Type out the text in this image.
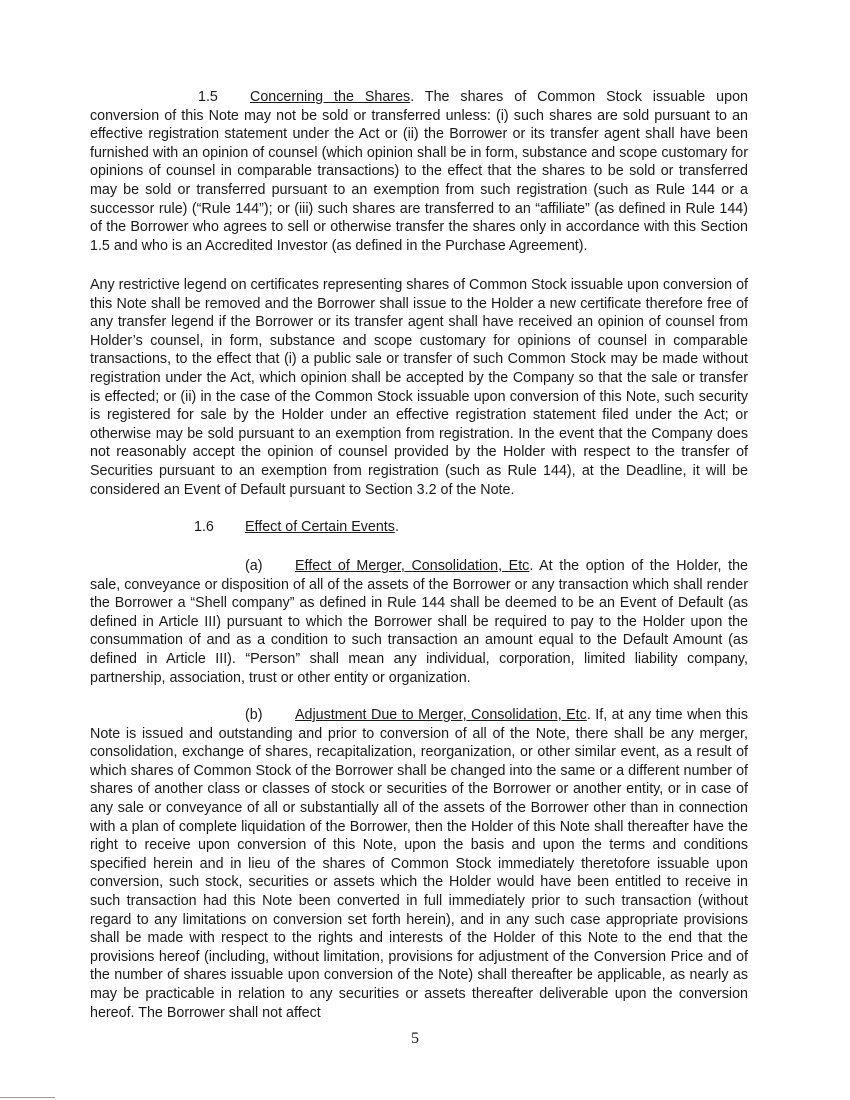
1.5 Concerning the Shares. The shares of Common Stock issuable upon conversion of this Note may not be sold or transferred unless: (i) such shares are sold pursuant to an effective registration statement under the Act or (ii) the Borrower or its transfer agent shall have been furnished with an opinion of counsel (which opinion shall be in form, substance and scope customary for opinions of counsel in comparable transactions) to the effect that the shares to be sold or transferred may be sold or transferred pursuant to an exemption from such registration (such as Rule 144 or a successor rule) (“Rule 144”); or (iii) such shares are transferred to an “affiliate” (as defined in Rule 144) of the Borrower who agrees to sell or otherwise transfer the shares only in accordance with this Section 1.5 and who is an Accredited Investor (as defined in the Purchase Agreement).

Any restrictive legend on certificates representing shares of Common Stock issuable upon conversion of this Note shall be removed and the Borrower shall issue to the Holder a new certificate therefore free of any transfer legend if the Borrower or its transfer agent shall have received an opinion of counsel from Holder’s counsel, in form, substance and scope customary for opinions of counsel in comparable transactions, to the effect that (i) a public sale or transfer of such Common Stock may be made without registration under the Act, which opinion shall be accepted by the Company so that the sale or transfer is effected; or (ii) in the case of the Common Stock issuable upon conversion of this Note, such security is registered for sale by the Holder under an effective registration statement filed under the Act; or otherwise may be sold pursuant to an exemption from registration. In the event that the Company does not reasonably accept the opinion of counsel provided by the Holder with respect to the transfer of Securities pursuant to an exemption from registration (such as Rule 144), at the Deadline, it will be considered an Event of Default pursuant to Section 3.2 of the Note.

1.6 Effect of Certain Events.

(a) Effect of Merger, Consolidation, Etc. At the option of the Holder, the sale, conveyance or disposition of all of the assets of the Borrower or any transaction which shall render the Borrower a “Shell company” as defined in Rule 144 shall be deemed to be an Event of Default (as defined in Article III) pursuant to which the Borrower shall be required to pay to the Holder upon the consummation of and as a condition to such transaction an amount equal to the Default Amount (as defined in Article III). “Person” shall mean any individual, corporation, limited liability company, partnership, association, trust or other entity or organization.

(b) Adjustment Due to Merger, Consolidation, Etc. If, at any time when this Note is issued and outstanding and prior to conversion of all of the Note, there shall be any merger, consolidation, exchange of shares, recapitalization, reorganization, or other similar event, as a result of which shares of Common Stock of the Borrower shall be changed into the same or a different number of shares of another class or classes of stock or securities of the Borrower or another entity, or in case of any sale or conveyance of all or substantially all of the assets of the Borrower other than in connection with a plan of complete liquidation of the Borrower, then the Holder of this Note shall thereafter have the right to receive upon conversion of this Note, upon the basis and upon the terms and conditions specified herein and in lieu of the shares of Common Stock immediately theretofore issuable upon conversion, such stock, securities or assets which the Holder would have been entitled to receive in such transaction had this Note been converted in full immediately prior to such transaction (without regard to any limitations on conversion set forth herein), and in any such case appropriate provisions shall be made with respect to the rights and interests of the Holder of this Note to the end that the provisions hereof (including, without limitation, provisions for adjustment of the Conversion Price and of the number of shares issuable upon conversion of the Note) shall thereafter be applicable, as nearly as may be practicable in relation to any securities or assets thereafter deliverable upon the conversion hereof. The Borrower shall not affect

5
